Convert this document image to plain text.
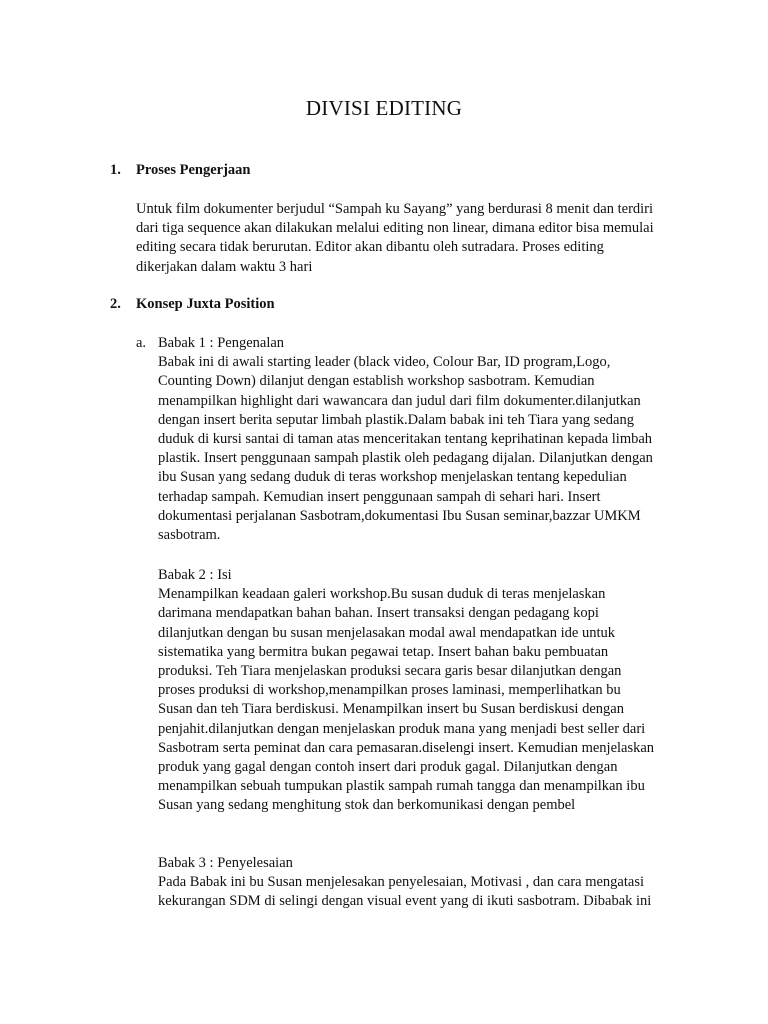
DIVISI EDITING
1. Proses Pengerjaan
Untuk film dokumenter berjudul “Sampah ku Sayang” yang berdurasi 8 menit dan terdiri
dari tiga sequence akan dilakukan melalui editing non linear, dimana editor bisa memulai
editing secara tidak berurutan. Editor akan dibantu oleh sutradara. Proses editing
dikerjakan dalam waktu 3 hari
2. Konsep Juxta Position
a. Babak 1 : Pengenalan
Babak ini di awali starting leader (black video, Colour Bar, ID program,Logo,
Counting Down) dilanjut dengan establish workshop sasbotram. Kemudian
menampilkan highlight dari wawancara dan judul dari film dokumenter.dilanjutkan
dengan insert berita seputar limbah plastik.Dalam babak ini teh Tiara yang sedang
duduk di kursi santai di taman atas menceritakan tentang keprihatinan kepada limbah
plastik. Insert penggunaan sampah plastik oleh pedagang dijalan. Dilanjutkan dengan
ibu Susan yang sedang duduk di teras workshop menjelaskan tentang kepedulian
terhadap sampah. Kemudian insert penggunaan sampah di sehari hari. Insert
dokumentasi perjalanan Sasbotram,dokumentasi Ibu Susan seminar,bazzar UMKM
sasbotram.
Babak 2 : Isi
Menampilkan keadaan galeri workshop.Bu susan duduk di teras menjelaskan
darimana mendapatkan bahan bahan. Insert transaksi dengan pedagang kopi
dilanjutkan dengan bu susan menjelasakan modal awal mendapatkan ide untuk
sistematika yang bermitra bukan pegawai tetap. Insert bahan baku pembuatan
produksi. Teh Tiara menjelaskan produksi secara garis besar dilanjutkan dengan
proses produksi di workshop,menampilkan proses laminasi, memperlihatkan bu
Susan dan teh Tiara berdiskusi. Menampilkan insert bu Susan berdiskusi dengan
penjahit.dilanjutkan dengan menjelaskan produk mana yang menjadi best seller dari
Sasbotram serta peminat dan cara pemasaran.diselengi insert. Kemudian menjelaskan
produk yang gagal dengan contoh insert dari produk gagal. Dilanjutkan dengan
menampilkan sebuah tumpukan plastik sampah rumah tangga dan menampilkan ibu
Susan yang sedang menghitung stok dan berkomunikasi dengan pembel
Babak 3 : Penyelesaian
Pada Babak ini bu Susan menjelesakan penyelesaian, Motivasi , dan cara mengatasi
kekurangan SDM di selingi dengan visual event yang di ikuti sasbotram. Dibabak ini
